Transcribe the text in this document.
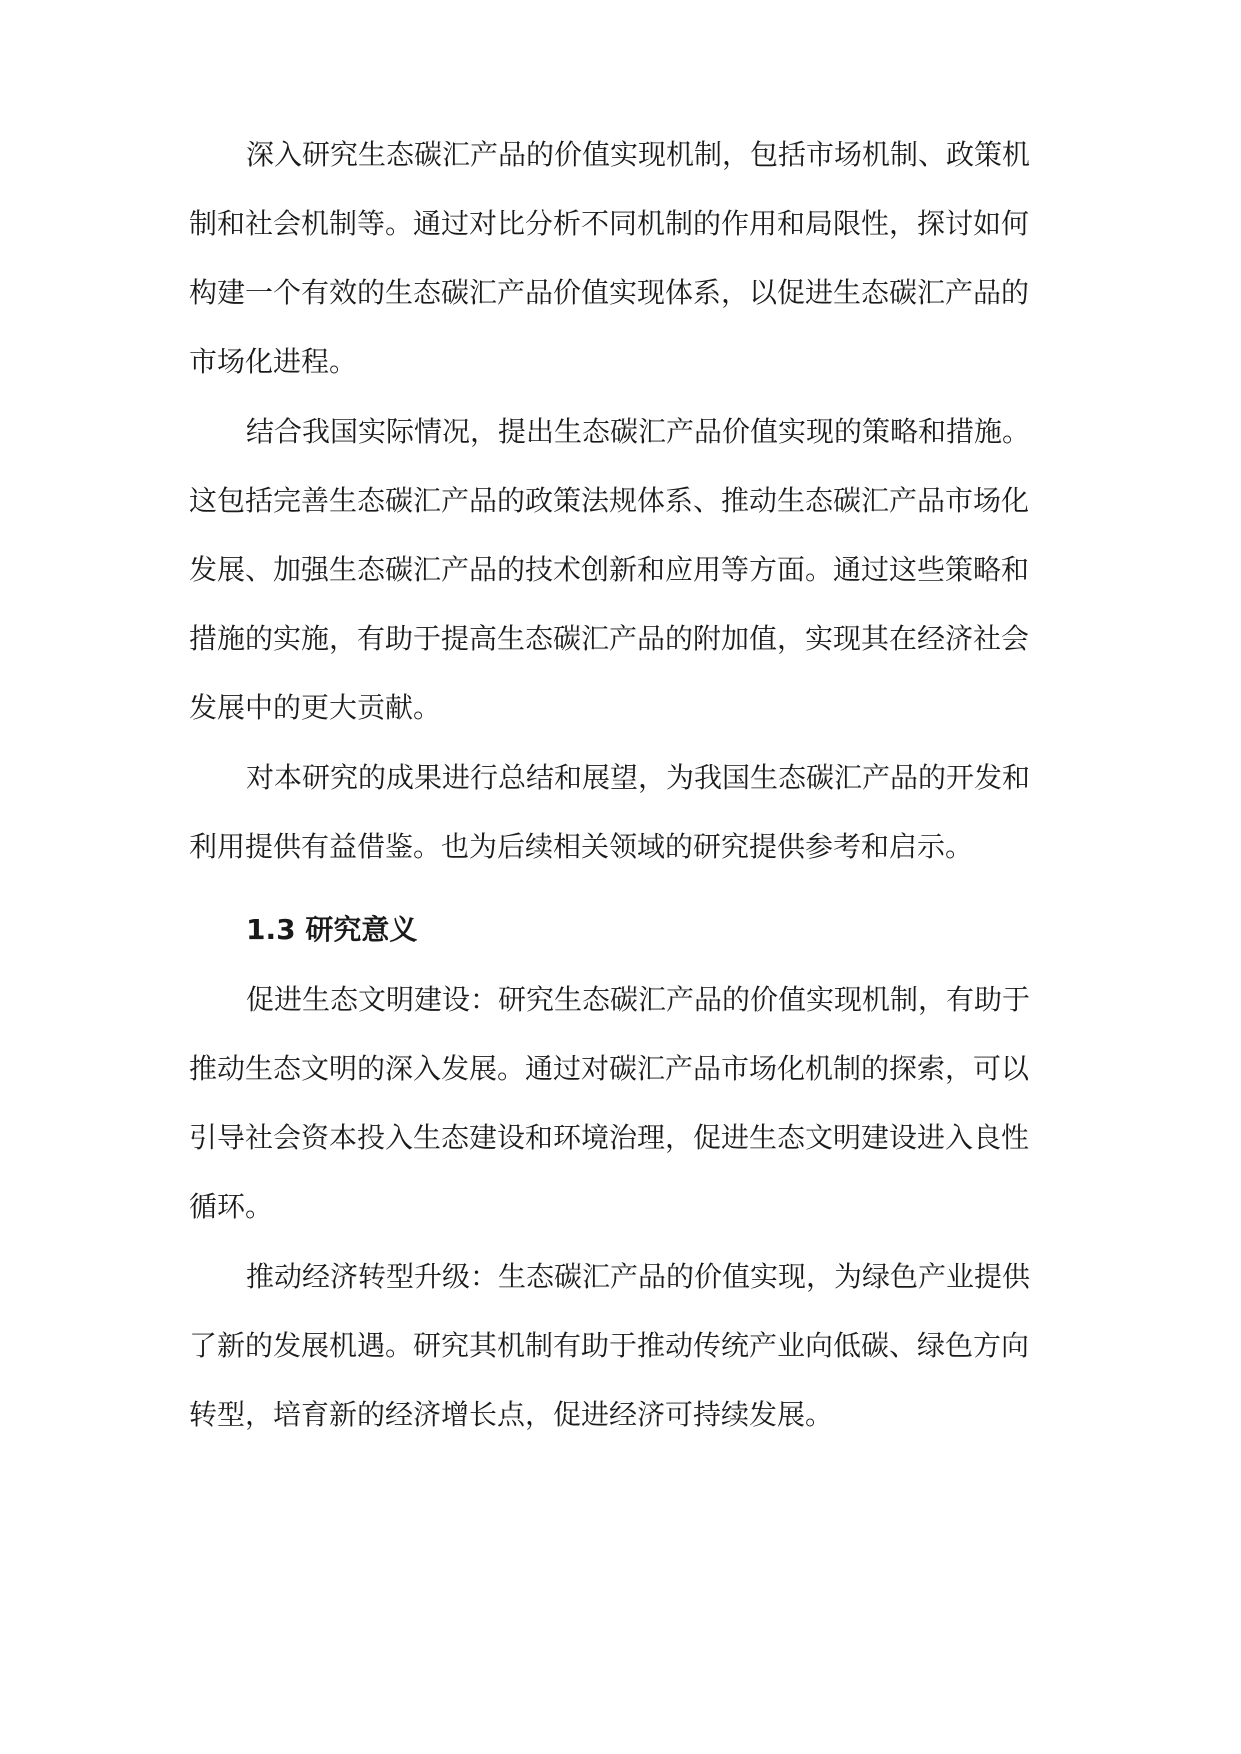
深入研究生态碳汇产品的价值实现机制，包括市场机制、政策机

制和社会机制等。通过对比分析不同机制的作用和局限性，探讨如何

构建一个有效的生态碳汇产品价值实现体系，以促进生态碳汇产品的

市场化进程。

结合我国实际情况，提出生态碳汇产品价值实现的策略和措施。

这包括完善生态碳汇产品的政策法规体系、推动生态碳汇产品市场化

发展、加强生态碳汇产品的技术创新和应用等方面。通过这些策略和

措施的实施，有助于提高生态碳汇产品的附加值，实现其在经济社会

发展中的更大贡献。

对本研究的成果进行总结和展望，为我国生态碳汇产品的开发和

利用提供有益借鉴。也为后续相关领域的研究提供参考和启示。

1.3 研究意义

促进生态文明建设：研究生态碳汇产品的价值实现机制，有助于

推动生态文明的深入发展。通过对碳汇产品市场化机制的探索，可以

引导社会资本投入生态建设和环境治理，促进生态文明建设进入良性

循环。

推动经济转型升级：生态碳汇产品的价值实现，为绿色产业提供

了新的发展机遇。研究其机制有助于推动传统产业向低碳、绿色方向

转型，培育新的经济增长点，促进经济可持续发展。
